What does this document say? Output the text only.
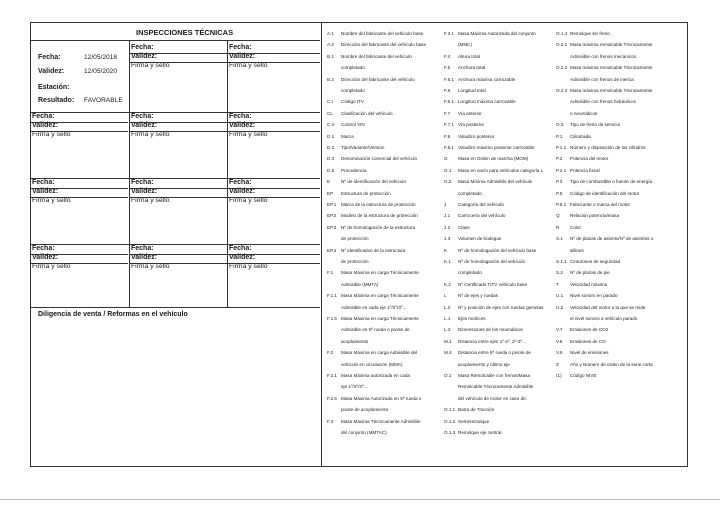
INSPECCIONES TÉCNICAS
Fecha:	12/05/2018
Validez:	12/05/2020
Estación:
Resultado: FAVORABLE
Fecha:
Validez:
Firma y sello
Fecha:
Validez:
Firma y sello
Fecha:
Validez:
Firma y sello
Fecha:
Validez:
Firma y sello
Fecha:
Validez:
Firma y sello
Fecha:
Validez:
Firma y sello
Fecha:
Validez:
Firma y sello
Fecha:
Validez:
Firma y sello
Fecha:
Validez:
Firma y sello
Fecha:
Validez:
Firma y sello
Fecha:
Validez:
Firma y sello
Diligencia de venta / Reformas en el vehículo
A.1 Nombre del fabricante del vehículo base
A.2 Dirección del fabricante del vehículo base
B.1 Nombre del fabricante del vehículo
completado
B.2 Dirección del fabricante del vehículo
completado
C.I Código ITV
CL Clasificación del vehículo
C.V Control VIN
D.1 Marca
D.2 Tipo/Variante/Versión
D.3 Denominación comercial del vehículo
D.6 Procedencia
E Nº de identificación del vehículo
EP Estructura de protección
EP.1 Marca de la estructura de protección
EP.2 Modelo de la estructura de protección
EP.3 Nº de homologación de la estructura
de protección
EP.4 Nº identificativo de la estructura
de protección
F.1 Masa Máxima en carga Técnicamente
Admisible (MMTA)
F.1.1 Masa Máxima en carga Técnicamente
Admisible en cada eje 1º/2º/3º...
F.1.5 Masa Máxima en carga Técnicamente
Admisible en 5ª rueda o pivote de
acoplamiento
F.2 Masa Máxima en carga Admisible del
vehículo en circulación (MMA)
F.2.1 Masa Máxima autorizada en cada
eje 1º/2º/3º...
F.2.5 Masa Máxima Autorizada en 5ª rueda o
pivote de acoplamiento
F.3 Masa Máxima Técnicamente Admisible
del conjunto (MMTAC)
F.3.1 Masa Máxima Autorizada del conjunto
(MMC)
F.4 Altura total
F.5 Anchura total
F.5.1 Anchura máxima carrozable
F.6 Longitud total
F.6.1 Longitud máxima carrozable
F.7 Vía anterior
F.7.1 Vía posterior
F.8 Voladizo posterior
F.8.1 Voladizo máximo posterior carrozable
G Masa en Orden de marcha (MOM)
G.1 Masa en vacío para vehículos categoría L
G.2 Masa Mínima Admisible del vehículo
completado
J	Categoría del vehículo
J.1 Carrocería del vehículo
J.2 Clase
J.3 Volumen de bodegas
K Nº de homologación del vehículo base
K.1 Nº de homologación del vehículo
completado
K.2 Nº Certificado TITV vehículo base
L Nº de ejes y ruedas
L.0 Nº y posición de ejes con ruedas gemelas
L.1 Ejes motrices
L.2 Dimensiones de los neumáticos
M.1 Distancia entre ejes 1º-2º, 2º-3º...
M.4 Distancia entre 5ª rueda o pivote de
acoplamiento y último eje
O.1 Masa Remolcable con frenos/Masa
Remolcable Técnicamente Admisible
del vehículo de motor en caso de:
O.1.1 Barra de Tracción
O.1.2 Semirremolque
O.1.3 Remolque eje central
O.1.4 Remolque sin freno
O.2.1 Masa máxima remolcable Técnicamente
Admisible con frenos mecánicos
O.2.2 Masa máxima remolcable Técnicamente
Admisible con frenos de inercia
O.2.3 Masa máxima remolcable Técnicamente
Admisible con frenos hidráulicos
o neumáticos
O.3 Tipo de freno de servicio
P.1 Cilindrada
P.1.1 Número y disposición de los cilindros
P.2 Potencia del motor
P.2.1 Potencia fiscal
P.3 Tipo de combustible o fuente de energía
P.5 Código de identificación del motor
P.5.1 Fabricante o marca del motor
Q Relación potencia/masa
R Color
S.1 Nº de plazas de asiento/Nº de asientos o
sillines
S.1.1 Cinturones de seguridad
S.2 Nº de plazas de pie
T Velocidad máxima
U.1 Nivel sonoro en parado
U.2 Velocidad del motor a la que se mide
el nivel sonoro a vehículo parado
V.7 Emisiones de CO2
V.8 Emisiones de CO
V.9 Nivel de emisiones
Z Año y Número de orden de la serie corta
(1) Código NIVE
